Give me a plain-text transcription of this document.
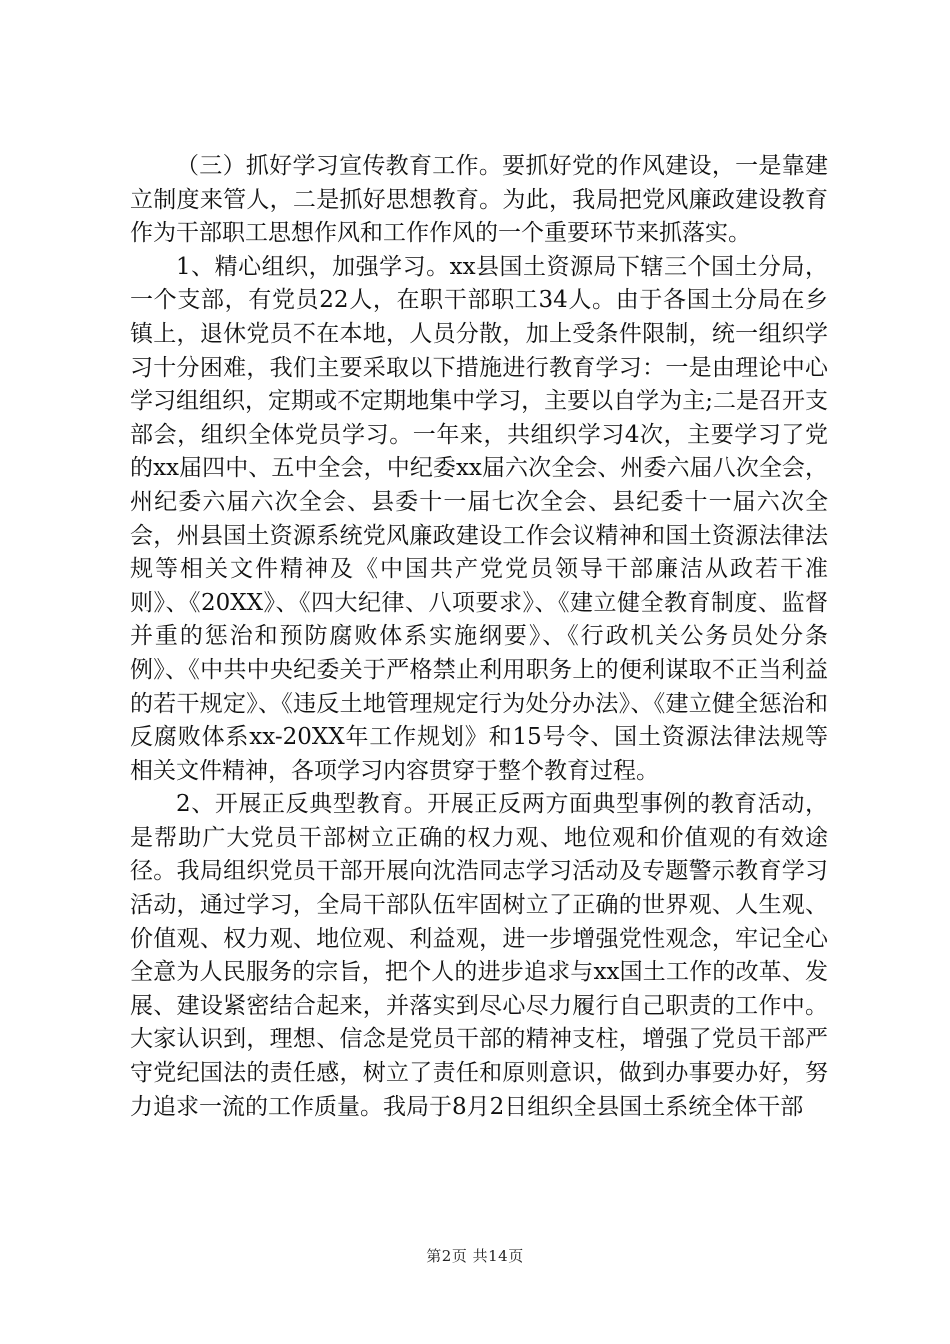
（三）抓好学习宣传教育工作。要抓好党的作风建设，一是靠建立制度来管人，二是抓好思想教育。为此，我局把党风廉政建设教育作为干部职工思想作风和工作作风的一个重要环节来抓落实。

1、精心组织，加强学习。xx县国土资源局下辖三个国土分局，一个支部，有党员22人，在职干部职工34人。由于各国土分局在乡镇上，退休党员不在本地，人员分散，加上受条件限制，统一组织学习十分困难，我们主要采取以下措施进行教育学习：一是由理论中心学习组组织，定期或不定期地集中学习，主要以自学为主;二是召开支部会，组织全体党员学习。一年来，共组织学习4次，主要学习了党的xx届四中、五中全会，中纪委xx届六次全会、州委六届八次全会，州纪委六届六次全会、县委十一届七次全会、县纪委十一届六次全会，州县国土资源系统党风廉政建设工作会议精神和国土资源法律法规等相关文件精神及《中国共产党党员领导干部廉洁从政若干准则》、《20XX》、《四大纪律、八项要求》、《建立健全教育制度、监督并重的惩治和预防腐败体系实施纲要》、《行政机关公务员处分条例》、《中共中央纪委关于严格禁止利用职务上的便利谋取不正当利益的若干规定》、《违反土地管理规定行为处分办法》、《建立健全惩治和反腐败体系xx-20XX年工作规划》和15号令、国土资源法律法规等相关文件精神，各项学习内容贯穿于整个教育过程。

2、开展正反典型教育。开展正反两方面典型事例的教育活动，是帮助广大党员干部树立正确的权力观、地位观和价值观的有效途径。我局组织党员干部开展向沈浩同志学习活动及专题警示教育学习活动，通过学习，全局干部队伍牢固树立了正确的世界观、人生观、价值观、权力观、地位观、利益观，进一步增强党性观念，牢记全心全意为人民服务的宗旨，把个人的进步追求与xx国土工作的改革、发展、建设紧密结合起来，并落实到尽心尽力履行自己职责的工作中。大家认识到，理想、信念是党员干部的精神支柱，增强了党员干部严守党纪国法的责任感，树立了责任和原则意识，做到办事要办好，努力追求一流的工作质量。我局于8月2日组织全县国土系统全体干部

第2页 共14页
